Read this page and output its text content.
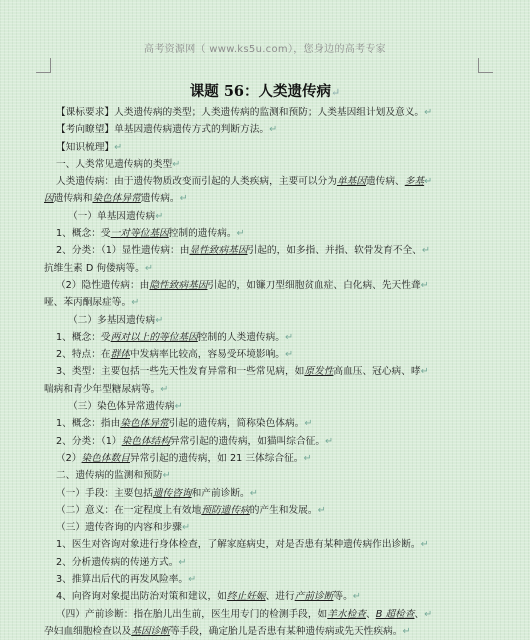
高考资源网（ www.ks5u.com），您身边的高考专家
课题 56：人类遗传病↵
【课标要求】人类遗传病的类型；人类遗传病的监测和预防；人类基因组计划及意义。↵
【考向瞭望】单基因遗传病遗传方式的判断方法。↵
【知识梳理】↵
一、人类常见遗传病的类型↵
人类遗传病：由于遗传物质改变而引起的人类疾病，主要可以分为单基因遗传病、多基↵
因遗传病和染色体异常遗传病。↵
（一）单基因遗传病↵
1、概念：受一对等位基因控制的遗传病。↵
2、分类：（1）显性遗传病：由显性致病基因引起的，如多指、并指、软骨发育不全、↵
抗维生素 D 佝偻病等。↵
（2）隐性遗传病：由隐性致病基因引起的，如镰刀型细胞贫血症、白化病、先天性聋↵
哑、苯丙酮尿症等。↵
（二）多基因遗传病↵
1、概念：受两对以上的等位基因控制的人类遗传病。↵
2、特点：在群体中发病率比较高，容易受环境影响。↵
3、类型：主要包括一些先天性发育异常和一些常见病，如原发性高血压、冠心病、哮↵
喘病和青少年型糖尿病等。↵
（三）染色体异常遗传病↵
1、概念：指由染色体异常引起的遗传病，简称染色体病。↵
2、分类：（1）染色体结构异常引起的遗传病，如猫叫综合征。↵
（2）染色体数目异常引起的遗传病，如 21 三体综合征。↵
二、遗传病的监测和预防↵
（一）手段：主要包括遗传咨询和产前诊断。↵
（二）意义：在一定程度上有效地预防遗传病的产生和发展。↵
（三）遗传咨询的内容和步骤↵
1、医生对咨询对象进行身体检查，了解家庭病史，对是否患有某种遗传病作出诊断。↵
2、分析遗传病的传递方式。↵
3、推算出后代的再发风险率。↵
4、向咨询对象提出防治对策和建议，如终止妊娠、进行产前诊断等。↵
（四）产前诊断：指在胎儿出生前，医生用专门的检测手段，如羊水检查、B 超检查、↵
孕妇血细胞检查以及基因诊断等手段，确定胎儿是否患有某种遗传病或先天性疾病。↵
